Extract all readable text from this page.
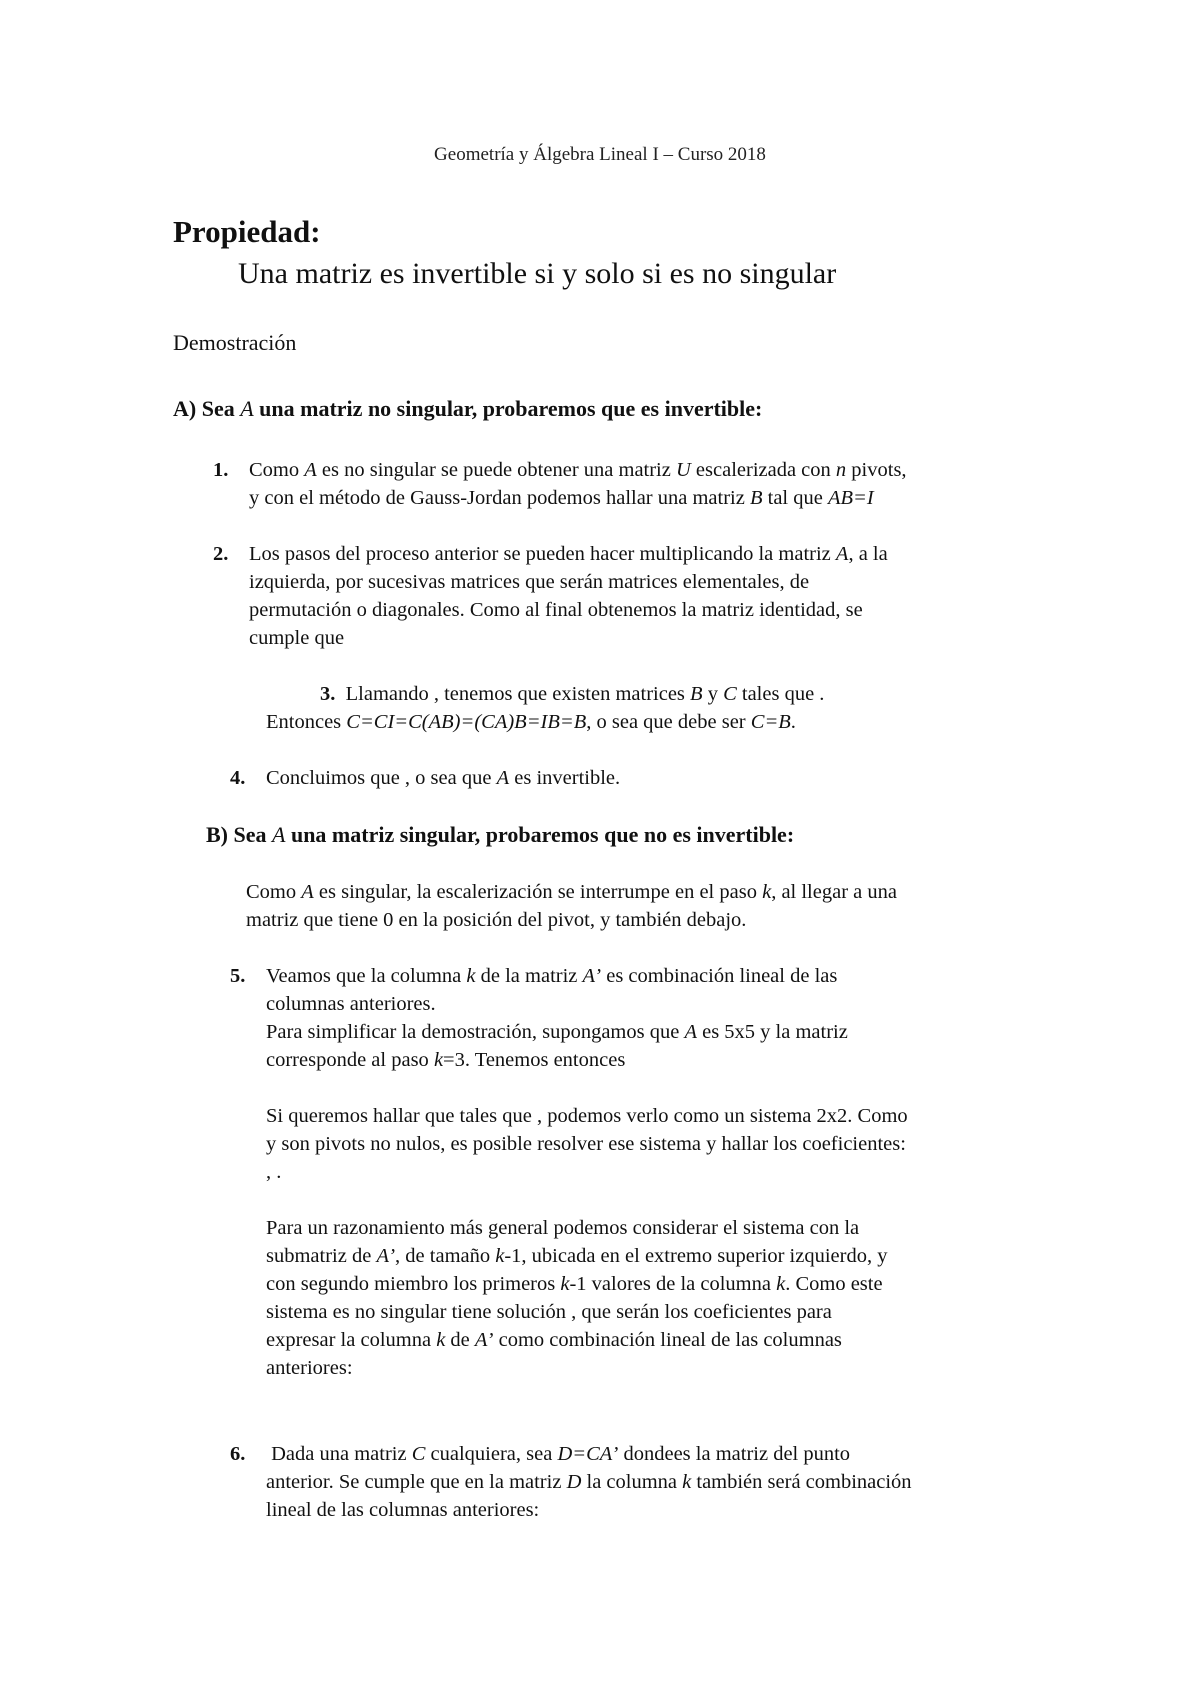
Geometría y Álgebra Lineal I – Curso 2018

Propiedad:

Una matriz es invertible si y solo si es no singular

Demostración

A) Sea A una matriz no singular, probaremos que es invertible:

1.	Como A es no singular se puede obtener una matriz U escalerizada con n pivots,

y con el método de Gauss-Jordan podemos hallar una matriz B tal que AB=I

2.	Los pasos del proceso anterior se pueden hacer multiplicando la matriz A, a la

izquierda, por sucesivas matrices que serán matrices elementales, de

permutación o diagonales. Como al final obtenemos la matriz identidad, se

cumple que

3. Llamando , tenemos que existen matrices B y C tales que .

Entonces C=CI=C(AB)=(CA)B=IB=B, o sea que debe ser C=B.

4.	Concluimos que , o sea que A es invertible.

B) Sea A una matriz singular, probaremos que no es invertible:

Como A es singular, la escalerización se interrumpe en el paso k, al llegar a una

matriz que tiene 0 en la posición del pivot, y también debajo.

5.	Veamos que la columna k de la matriz A’ es combinación lineal de las

columnas anteriores.

Para simplificar la demostración, supongamos que A es 5x5 y la matriz

corresponde al paso k=3. Tenemos entonces

Si queremos hallar que tales que , podemos verlo como un sistema 2x2. Como

y son pivots no nulos, es posible resolver ese sistema y hallar los coeficientes:

, .

Para un razonamiento más general podemos considerar el sistema con la

submatriz de A’, de tamaño k-1, ubicada en el extremo superior izquierdo, y

con segundo miembro los primeros k-1 valores de la columna k. Como este

sistema es no singular tiene solución , que serán los coeficientes para

expresar la columna k de A’ como combinación lineal de las columnas

anteriores:

6.	Dada una matriz C cualquiera, sea D=CA’ dondees la matriz del punto

anterior. Se cumple que en la matriz D la columna k también será combinación

lineal de las columnas anteriores:
